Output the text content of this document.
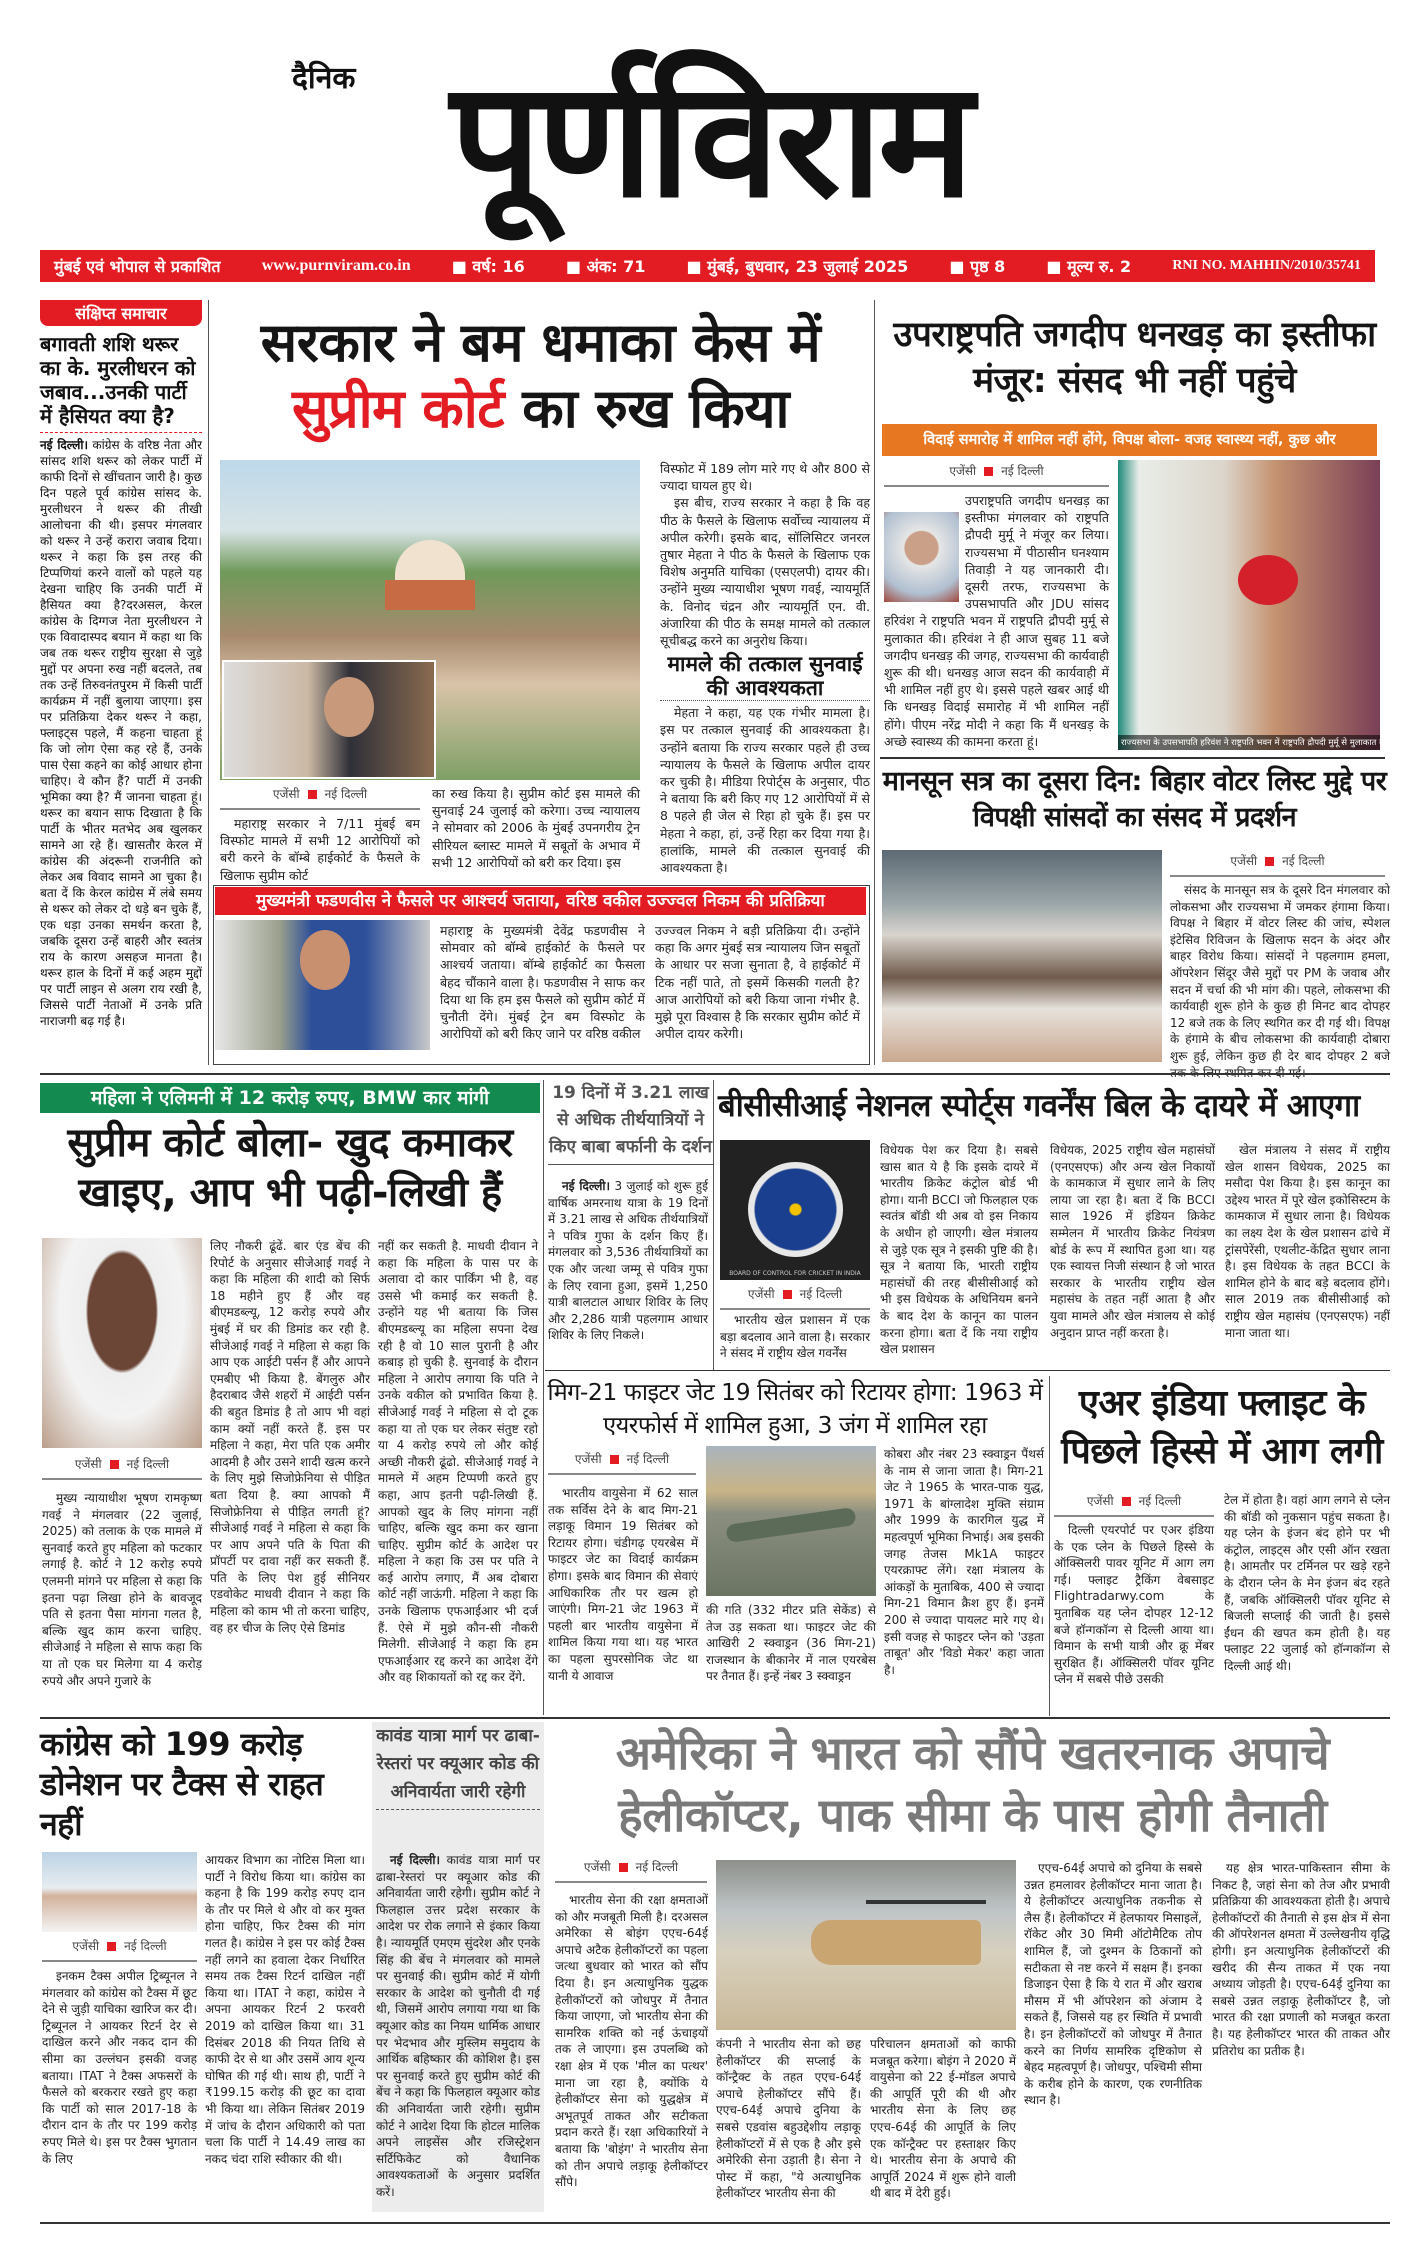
दैनिक पूर्णविराम
मुंबई एवं भोपाल से प्रकाशित	www.purnviram.co.in	■ वर्ष: 16	■ अंक: 71	■ मुंबई, बुधवार, 23 जुलाई 2025	■ पृष्ठ 8	■ मूल्य रु. 2	RNI NO. MAHHIN/2010/35741
संक्षिप्त समाचार
बगावती शशि थरूर का के. मुरलीधरन को जबाव...उनकी पार्टी में हैसियत क्या है?
नई दिल्ली। कांग्रेस के वरिष्ठ नेता और सांसद शशि थरूर को लेकर पार्टी में काफी दिनों से खींचतान जारी है। कुछ दिन पहले पूर्व कांग्रेस सांसद के. मुरलीधरन ने थरूर की तीखी आलोचना की थी। इसपर मंगलवार को थरूर ने उन्हें करारा जवाब दिया। थरूर ने कहा कि इस तरह की टिप्पणियां करने वालों को पहले यह देखना चाहिए कि उनकी पार्टी में हैसियत क्या है?दरअसल, केरल कांग्रेस के दिग्गज नेता मुरलीधरन ने एक विवादास्पद बयान में कहा था कि जब तक थरूर राष्ट्रीय सुरक्षा से जुड़े मुद्दों पर अपना रुख नहीं बदलते, तब तक उन्हें तिरुवनंतपुरम में किसी पार्टी कार्यक्रम में नहीं बुलाया जाएगा। इस पर प्रतिक्रिया देकर थरूर ने कहा, फ्लाइट्स पहले, मैं कहना चाहता हूं कि जो लोग ऐसा कह रहे हैं, उनके पास ऐसा कहने का कोई आधार होना चाहिए। वे कौन हैं? पार्टी में उनकी भूमिका क्या है? मैं जानना चाहता हूं। थरूर का बयान साफ दिखाता है कि पार्टी के भीतर मतभेद अब खुलकर सामने आ रहे हैं। खासतौर केरल में कांग्रेस की अंदरूनी राजनीति को लेकर अब विवाद सामने आ चुका है। बता दें कि केरल कांग्रेस में लंबे समय से थरूर को लेकर दो धड़े बन चुके हैं, एक धड़ा उनका समर्थन करता है, जबकि दूसरा उन्हें बाहरी और स्वतंत्र राय के कारण असहज मानता है। थरूर हाल के दिनों में कई अहम मुद्दों पर पार्टी लाइन से अलग राय रखी है, जिससे पार्टी नेताओं में उनके प्रति नाराजगी बढ़ गई है।
सरकार ने बम धमाका केस में सुप्रीम कोर्ट का रुख किया
एजेंसी नई दिल्ली

महाराष्ट्र सरकार ने 7/11 मुंबई बम विस्फोट मामले में सभी 12 आरोपियों को बरी करने के बॉम्बे हाईकोर्ट के फैसले के खिलाफ सुप्रीम कोर्ट

का रुख किया है। सुप्रीम कोर्ट इस मामले की सुनवाई 24 जुलाई को करेगा। उच्च न्यायालय ने सोमवार को 2006 के मुंबई उपनगरीय ट्रेन सीरियल ब्लास्ट मामले में सबूतों के अभाव में सभी 12 आरोपियों को बरी कर दिया। इस

विस्फोट में 189 लोग मारे गए थे और 800 से ज्यादा घायल हुए थे।

इस बीच, राज्य सरकार ने कहा है कि वह पीठ के फैसले के खिलाफ सर्वोच्च न्यायालय में अपील करेगी। इसके बाद, सॉलिसिटर जनरल तुषार मेहता ने पीठ के फैसले के खिलाफ एक विशेष अनुमति याचिका (एसएलपी) दायर की। उन्होंने मुख्य न्यायाधीश भूषण गवई, न्यायमूर्ति के. विनोद चंद्रन और न्यायमूर्ति एन. वी. अंजारिया की पीठ के समक्ष मामले को तत्काल सूचीबद्ध करने का अनुरोध किया।

मामले की तत्काल सुनवाई की आवश्यकता

मेहता ने कहा, यह एक गंभीर मामला है। इस पर तत्काल सुनवाई की आवश्यकता है। उन्होंने बताया कि राज्य सरकार पहले ही उच्च न्यायालय के फैसले के खिलाफ अपील दायर कर चुकी है। मीडिया रिपोर्ट्स के अनुसार, पीठ ने बताया कि बरी किए गए 12 आरोपियों में से 8 पहले ही जेल से रिहा हो चुके हैं। इस पर मेहता ने कहा, हां, उन्हें रिहा कर दिया गया है। हालांकि, मामले की तत्काल सुनवाई की आवश्यकता है।

मुख्यमंत्री फडणवीस ने फैसले पर आश्चर्य जताया, वरिष्ठ वकील उज्ज्वल निकम की प्रतिक्रिया

महाराष्ट्र के मुख्यमंत्री देवेंद्र फडणवीस ने सोमवार को बॉम्बे हाईकोर्ट के फैसले पर आश्चर्य जताया। बॉम्बे हाईकोर्ट का फैसला बेहद चौंकाने वाला है। फडणवीस ने साफ कर दिया था कि हम इस फैसले को सुप्रीम कोर्ट में चुनौती देंगे। मुंबई ट्रेन बम विस्फोट के आरोपियों को बरी किए जाने पर वरिष्ठ वकील

उज्ज्वल निकम ने बड़ी प्रतिक्रिया दी। उन्होंने कहा कि अगर मुंबई सत्र न्यायालय जिन सबूतों के आधार पर सजा सुनाता है, वे हाईकोर्ट में टिक नहीं पाते, तो इसमें किसकी गलती है? आज आरोपियों को बरी किया जाना गंभीर है. मुझे पूरा विश्वास है कि सरकार सुप्रीम कोर्ट में अपील दायर करेगी।

उपराष्ट्रपति जगदीप धनखड़ का इस्तीफा मंजूर: संसद भी नहीं पहुंचे
विदाई समारोह में शामिल नहीं होंगे, विपक्ष बोला- वजह स्वास्थ्य नहीं, कुछ और
एजेंसी नई दिल्ली

उपराष्ट्रपति जगदीप धनखड़ का इस्तीफा मंगलवार को राष्ट्रपति द्रौपदी मुर्मू ने मंजूर कर लिया। राज्यसभा में पीठासीन घनश्याम तिवाड़ी ने यह जानकारी दी। दूसरी तरफ, राज्यसभा के उपसभापति और JDU सांसद हरिवंश ने राष्ट्रपति भवन में राष्ट्रपति द्रौपदी मुर्मू से मुलाकात की। हरिवंश ने ही आज सुबह 11 बजे जगदीप धनखड़ की जगह, राज्यसभा की कार्यवाही शुरू की थी। धनखड़ आज सदन की कार्यवाही में भी शामिल नहीं हुए थे। इससे पहले खबर आई थी कि धनखड़ विदाई समारोह में भी शामिल नहीं होंगे। पीएम नरेंद्र मोदी ने कहा कि मैं धनखड़ के अच्छे स्वास्थ्य की कामना करता हूं।	राज्यसभा के उपसभापति हरिवंश ने राष्ट्रपति भवन में राष्ट्रपति द्रौपदी मुर्मू से मुलाकात की।
मानसून सत्र का दूसरा दिन: बिहार वोटर लिस्ट मुद्दे पर विपक्षी सांसदों का संसद में प्रदर्शन
एजेंसी नई दिल्ली

संसद के मानसून सत्र के दूसरे दिन मंगलवार को लोकसभा और राज्यसभा में जमकर हंगामा किया। विपक्ष ने बिहार में वोटर लिस्ट की जांच, स्पेशल इंटेसिव रिविजन के खिलाफ सदन के अंदर और बाहर विरोध किया। सांसदों ने पहलगाम हमला, ऑपरेशन सिंदूर जैसे मुद्दों पर PM के जवाब और सदन में चर्चा की भी मांग की। पहले, लोकसभा की कार्यवाही शुरू होने के कुछ ही मिनट बाद दोपहर 12 बजे तक के लिए स्थगित कर दी गई थी। विपक्ष के हंगामे के बीच लोकसभा की कार्यवाही दोबारा शुरू हुई, लेकिन कुछ ही देर बाद दोपहर 2 बजे

महिला ने एलिमनी में 12 करोड़ रुपए, BMW कार मांगी
सुप्रीम कोर्ट बोला- खुद कमाकर खाइए, आप भी पढ़ी-लिखी हैं
एजेंसी नई दिल्ली

मुख्य न्यायाधीश भूषण रामकृष्ण गवई ने मंगलवार (22 जुलाई, 2025) को तलाक के एक मामले में सुनवाई करते हुए महिला को फटकार लगाई है. कोर्ट ने 12 करोड़ रुपये एलमनी मांगने पर महिला से कहा कि इतना पढ़ा लिखा होने के बावजूद पति से इतना पैसा मांगना गलत है, बल्कि खुद काम करना चाहिए. सीजेआई ने महिला से साफ कहा कि या तो एक घर मिलेगा या 4 करोड़ रुपये और अपने गुजारे के

लिए नौकरी ढूंढें. बार एंड बेंच की रिपोर्ट के अनुसार सीजेआई गवई ने कहा कि महिला की शादी को सिर्फ 18 महीने हुए हैं और वह बीएमडब्ल्यू, 12 करोड़ रुपये और मुंबई में घर की डिमांड कर रही है. सीजेआई गवई ने महिला से कहा कि आप एक आईटी पर्सन हैं और आपने एमबीए भी किया है. बेंगलुरु और हैदराबाद जैसे शहरों में आईटी पर्सन की बहुत डिमांड है तो आप भी वहां काम क्यों नहीं करते हैं. इस पर महिला ने कहा, मेरा पति एक अमीर आदमी है और उसने शादी खत्म करने के लिए मुझे सिजोफ्रेनिया से पीड़ित बता दिया है. क्या आपको मैं सिजोफ्रेनिया से पीड़ित लगती हूं? सीजेआई गवई ने महिला से कहा कि पर आप अपने पति के पिता की प्रॉपर्टी पर दावा नहीं कर सकती हैं. पति के लिए पेश हुई सीनियर एडवोकेट माधवी दीवान ने कहा कि महिला को काम भी तो करना चाहिए, वह हर चीज के लिए ऐसे डिमांड

नहीं कर सकती है. माधवी दीवान ने कहा कि महिला के पास पर के अलावा दो कार पार्किंग भी है, वह उससे भी कमाई कर सकती है. उन्होंने यह भी बताया कि जिस बीएमडब्ल्यू का महिला सपना देख रही है वो 10 साल पुरानी है और कबाड़ हो चुकी है. सुनवाई के दौरान महिला ने आरोप लगाया कि पति ने उनके वकील को प्रभावित किया है. सीजेआई गवई ने महिला से दो टूक कहा या तो एक घर लेकर संतुष्ट रहो या 4 करोड़ रुपये लो और कोई अच्छी नौकरी ढूंढो. सीजेआई गवई ने मामले में अहम टिप्पणी करते हुए कहा, आप इतनी पढ़ी-लिखी हैं. आपको खुद के लिए मांगना नहीं चाहिए, बल्कि खुद कमा कर खाना चाहिए. सुप्रीम कोर्ट के आदेश पर महिला ने कहा कि उस पर पति ने कई आरोप लगाए, मैं अब दोबारा कोर्ट नहीं जाऊंगी. महिला ने कहा कि उनके खिलाफ एफआईआर भी दर्ज हैं. ऐसे में मुझे कौन-सी नौकरी मिलेगी. सीजेआई ने कहा कि हम एफआईआर रद्द करने का आदेश देंगे और वह शिकायतों को रद्द कर देंगे.

19 दिनों में 3.21 लाख से अधिक तीर्थयात्रियों ने किए बाबा बर्फानी के दर्शन

नई दिल्ली। 3 जुलाई को शुरू हुई वार्षिक अमरनाथ यात्रा के 19 दिनों में 3.21 लाख से अधिक तीर्थयात्रियों ने पवित्र गुफा के दर्शन किए हैं। मंगलवार को 3,536 तीर्थयात्रियों का एक और जत्था जम्मू से पवित्र गुफा के लिए रवाना हुआ, इसमें 1,250 यात्री बालटाल आधार शिविर के लिए और 2,286 यात्री पहलगाम आधार शिविर के लिए निकले।

बीसीसीआई नेशनल स्पोर्ट्स गवर्नेंस बिल के दायरे में आएगा
BOARD OF CONTROL FOR CRICKET IN INDIA
एजेंसी नई दिल्ली

भारतीय खेल प्रशासन में एक बड़ा बदलाव आने वाला है। सरकार ने संसद में राष्ट्रीय खेल गवर्नेंस

विधेयक पेश कर दिया है। सबसे खास बात ये है कि इसके दायरे में भारतीय क्रिकेट कंट्रोल बोर्ड भी होगा। यानी BCCI जो फिलहाल एक स्वतंत्र बॉडी थी अब वो इस निकाय के अधीन हो जाएगी। खेल मंत्रालय से जुड़े एक सूत्र ने इसकी पुष्टि की है। सूत्र ने बताया कि, भारती राष्ट्रीय महासंघों की तरह बीसीसीआई को भी इस विधेयक के अधिनियम बनने के बाद देश के कानून का पालन करना होगा। बता दें कि नया राष्ट्रीय खेल प्रशासन

विधेयक, 2025 राष्ट्रीय खेल महासंघों (एनएसएफ) और अन्य खेल निकायों के कामकाज में सुधार लाने के लिए लाया जा रहा है। बता दें कि BCCI साल 1926 में इंडियन क्रिकेट सम्मेलन में भारतीय क्रिकेट नियंत्रण बोर्ड के रूप में स्थापित हुआ था। यह एक स्वायत्त निजी संस्थान है जो भारत सरकार के भारतीय राष्ट्रीय खेल महासंघ के तहत नहीं आता है और युवा मामले और खेल मंत्रालय से कोई अनुदान प्राप्त नहीं करता है।

खेल मंत्रालय ने संसद में राष्ट्रीय खेल शासन विधेयक, 2025 का मसौदा पेश किया है। इस कानून का उद्देश्य भारत में पूरे खेल इकोसिस्टम के कामकाज में सुधार लाना है। विधेयक का लक्ष्य देश के खेल प्रशासन ढांचे में ट्रांसपेरेंसी, एथलीट-केंद्रित सुधार लाना है। इस विधेयक के तहत BCCI के शामिल होने के बाद बड़े बदलाव होंगे। साल 2019 तक बीसीसीआई को राष्ट्रीय खेल महासंघ (एनएसएफ) नहीं माना जाता था।

मिग-21 फाइटर जेट 19 सितंबर को रिटायर होगा: 1963 में एयरफोर्स में शामिल हुआ, 3 जंग में शामिल रहा
एजेंसी नई दिल्ली

भारतीय वायुसेना में 62 साल तक सर्विस देने के बाद मिग-21 लड़ाकू विमान 19 सितंबर को रिटायर होगा। चंडीगढ़ एयरबेस में फाइटर जेट का विदाई कार्यक्रम होगा। इसके बाद विमान की सेवाएं आधिकारिक तौर पर खत्म हो जाएंगी। मिग-21 जेट 1963 में पहली बार भारतीय वायुसेना में शामिल किया गया था। यह भारत का पहला सुपरसोनिक जेट था यानी ये आवाज

की गति (332 मीटर प्रति सेकेंड) से तेज उड़ सकता था। फाइटर जेट की आखिरी 2 स्क्वाड्रन (36 मिग-21) राजस्थान के बीकानेर में नाल एयरबेस पर तैनात हैं। इन्हें नंबर 3 स्क्वाड्रन

कोबरा और नंबर 23 स्क्वाड्रन पैंथर्स के नाम से जाना जाता है। मिग-21 जेट ने 1965 के भारत-पाक युद्ध, 1971 के बांग्लादेश मुक्ति संग्राम और 1999 के कारगिल युद्ध में महत्वपूर्ण भूमिका निभाई। अब इसकी जगह तेजस Mk1A फाइटर एयरक्राफ्ट लेंगे। रक्षा मंत्रालय के आंकड़ों के मुताबिक, 400 से ज्यादा मिग-21 विमान क्रैश हुए हैं। इनमें 200 से ज्यादा पायलट मारे गए थे। इसी वजह से फाइटर प्लेन को 'उड़ता ताबूत' और 'विडो मेकर' कहा जाता है।

एअर इंडिया फ्लाइट के पिछले हिस्से में आग लगी
एजेंसी नई दिल्ली

दिल्ली एयरपोर्ट पर एअर इंडिया के एक प्लेन के पिछले हिस्से के ऑक्सिलरी पावर यूनिट में आग लग गई। फ्लाइट ट्रैकिंग वेबसाइट Flightradarwy.com के मुताबिक यह प्लेन दोपहर 12-12 बजे हॉन्गकॉन्ग से दिल्ली आया था। विमान के सभी यात्री और क्रू मेंबर सुरक्षित हैं। ऑक्सिलरी पॉवर यूनिट प्लेन में सबसे पीछे उसकी

टेल में होता है। वहां आग लगने से प्लेन की बॉडी को नुकसान पहुंच सकता है। यह प्लेन के इंजन बंद होने पर भी कंट्रोल, लाइट्स और एसी ऑन रखता है। आमतौर पर टर्मिनल पर खड़े रहने के दौरान प्लेन के मेन इंजन बंद रहते हैं, जबकि ऑक्सिलरी पॉवर यूनिट से बिजली सप्लाई की जाती है। इससे ईंधन की खपत कम होती है। यह फ्लाइट 22 जुलाई को हॉन्गकॉन्ग से दिल्ली आई थी।

कांग्रेस को 199 करोड़ डोनेशन पर टैक्स से राहत नहीं
एजेंसी नई दिल्ली

इनकम टैक्स अपील ट्रिब्यूनल ने मंगलवार को कांग्रेस को टैक्स में छूट देने से जुड़ी याचिका खारिज कर दी। ट्रिब्यूनल ने आयकर रिटर्न देर से दाखिल करने और नकद दान की सीमा का उल्लंघन इसकी वजह बताया। ITAT ने टैक्स अफसरों के फैसले को बरकरार रखते हुए कहा कि पार्टी को साल 2017-18 के दौरान दान के तौर पर 199 करोड़ रुपए मिले थे। इस पर टैक्स भुगतान के लिए

आयकर विभाग का नोटिस मिला था। पार्टी ने विरोध किया था। कांग्रेस का कहना है कि 199 करोड़ रुपए दान के तौर पर मिले थे और वो कर मुक्त होना चाहिए, फिर टैक्स की मांग गलत है। कांग्रेस ने इस पर कोई टैक्स नहीं लगने का हवाला देकर निर्धारित समय तक टैक्स रिटर्न दाखिल नहीं किया था। ITAT ने कहा, कांग्रेस ने अपना आयकर रिटर्न 2 फरवरी 2019 को दाखिल किया था। 31 दिसंबर 2018 की नियत तिथि से काफी देर से था और उसमें आय शून्य घोषित की गई थी। साथ ही, पार्टी ने ₹199.15 करोड़ की छूट का दावा भी किया था। लेकिन सितंबर 2019 में जांच के दौरान अधिकारी को पता चला कि पार्टी ने 14.49 लाख का नकद चंदा राशि स्वीकार की थी।

कावंड यात्रा मार्ग पर ढाबा-रेस्तरां पर क्यूआर कोड की अनिवार्यता जारी रहेगी

नई दिल्ली। कावंड यात्रा मार्ग पर ढाबा-रेस्तरां पर क्यूआर कोड की अनिवार्यता जारी रहेगी। सुप्रीम कोर्ट ने फिलहाल उत्तर प्रदेश सरकार के आदेश पर रोक लगाने से इंकार किया है। न्यायमूर्ति एमएम सुंदरेश और एनके सिंह की बेंच ने मंगलवार को मामले पर सुनवाई की। सुप्रीम कोर्ट में योगी सरकार के आदेश को चुनौती दी गई थी, जिसमें आरोप लगाया गया था कि क्यूआर कोड का नियम धार्मिक आधार पर भेदभाव और मुस्लिम समुदाय के आर्थिक बहिष्कार की कोशिश है। इस पर सुनवाई करते हुए सुप्रीम कोर्ट की बेंच ने कहा कि फिलहाल क्यूआर कोड की अनिवार्यता जारी रहेगी। सुप्रीम कोर्ट ने आदेश दिया कि होटल मालिक अपने लाइसेंस और रजिस्ट्रेशन सर्टिफिकेट को वैधानिक आवश्यकताओं के अनुसार प्रदर्शित करें।

अमेरिका ने भारत को सौंपे खतरनाक अपाचे हेलीकॉप्टर, पाक सीमा के पास होगी तैनाती
एजेंसी नई दिल्ली

भारतीय सेना की रक्षा क्षमताओं को और मजबूती मिली है। दरअसल अमेरिका से बोइंग एएच-64ई अपाचे अटैक हेलीकॉप्टरों का पहला जत्था बुधवार को भारत को सौंप दिया है। इन अत्याधुनिक युद्धक हेलीकॉप्टरों को जोधपुर में तैनात किया जाएगा, जो भारतीय सेना की सामरिक शक्ति को नई ऊंचाइयों तक ले जाएगा। इस उपलब्धि को रक्षा क्षेत्र में एक 'मील का पत्थर' माना जा रहा है, क्योंकि ये हेलीकॉप्टर सेना को युद्धक्षेत्र में अभूतपूर्व ताकत और सटीकता प्रदान करते हैं। रक्षा अधिकारियों ने बताया कि 'बोइंग' ने भारतीय सेना को तीन अपाचे लड़ाकू हेलीकॉप्टर सौंपे।

कंपनी ने भारतीय सेना को छह हेलीकॉप्टर की सप्लाई के कॉन्ट्रैक्ट के तहत एएच-64ई अपाचे हेलीकॉप्टर सौंपे हैं। एएच-64ई अपाचे दुनिया के सबसे एडवांस बहुउद्देशीय लड़ाकू हेलीकॉप्टरों में से एक है और इसे अमेरिकी सेना उड़ाती है। सेना ने पोस्ट में कहा, "ये अत्याधुनिक हेलीकॉप्टर भारतीय सेना की

परिचालन क्षमताओं को काफी मजबूत करेगा। बोइंग ने 2020 में वायुसेना को 22 ई-मॉडल अपाचे की आपूर्ति पूरी की थी और भारतीय सेना के लिए छह एएच-64ई की आपूर्ति के लिए एक कॉन्ट्रैक्ट पर हस्ताक्षर किए थे। भारतीय सेना के अपाचे की आपूर्ति 2024 में शुरू होने वाली थी बाद में देरी हुई।

एएच-64ई अपाचे को दुनिया के सबसे उन्नत हमलावर हेलीकॉप्टर माना जाता है। ये हेलीकॉप्टर अत्याधुनिक तकनीक से लैस हैं। हेलीकॉप्टर में हेलफायर मिसाइलें, रॉकेट और 30 मिमी ऑटोमैटिक तोप शामिल हैं, जो दुश्मन के ठिकानों को सटीकता से नष्ट करने में सक्षम हैं। इनका डिजाइन ऐसा है कि ये रात में और खराब मौसम में भी ऑपरेशन को अंजाम दे सकते हैं, जिससे यह हर स्थिति में प्रभावी है। इन हेलीकॉप्टरों को जोधपुर में तैनात करने का निर्णय सामरिक दृष्टिकोण से बेहद महत्वपूर्ण है। जोधपुर, पश्चिमी सीमा के करीब होने के कारण, एक रणनीतिक स्थान है।

यह क्षेत्र भारत-पाकिस्तान सीमा के निकट है, जहां सेना को तेज और प्रभावी प्रतिक्रिया की आवश्यकता होती है। अपाचे हेलीकॉप्टरों की तैनाती से इस क्षेत्र में सेना की ऑपरेशनल क्षमता में उल्लेखनीय वृद्धि होगी। इन अत्याधुनिक हेलीकॉप्टरों की खरीद की सैन्य ताकत में एक नया अध्याय जोड़ती है। एएच-64ई दुनिया का सबसे उन्नत लड़ाकू हेलीकॉप्टर है, जो भारत की रक्षा प्रणाली को मजबूत करता है। यह हेलीकॉप्टर भारत की ताकत और प्रतिरोध का प्रतीक है।
